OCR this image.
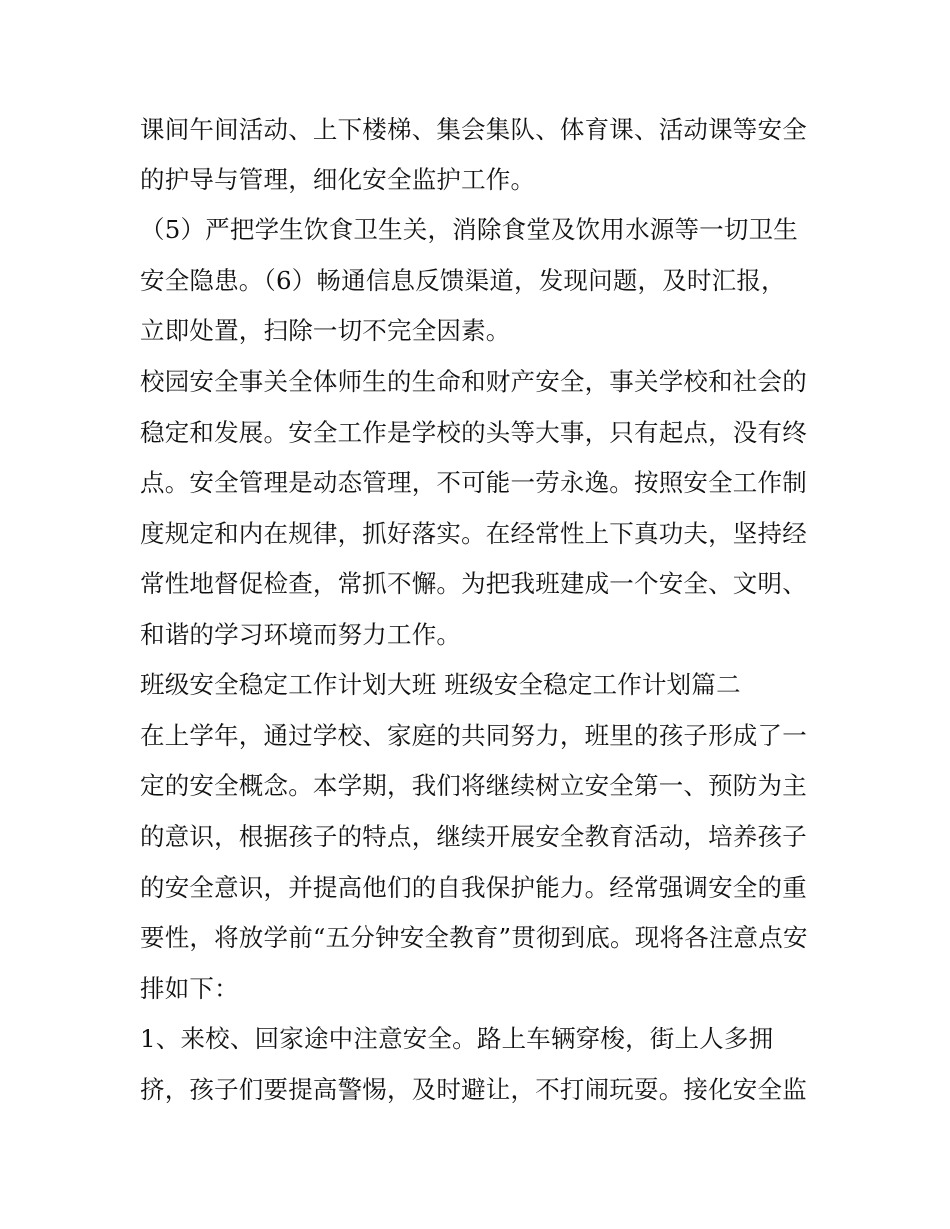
课间午间活动、上下楼梯、集会集队、体育课、活动课等安全
的护导与管理，细化安全监护工作。
（5）严把学生饮食卫生关，消除食堂及饮用水源等一切卫生
安全隐患。（6）畅通信息反馈渠道，发现问题，及时汇报，
立即处置，扫除一切不完全因素。
校园安全事关全体师生的生命和财产安全，事关学校和社会的
稳定和发展。安全工作是学校的头等大事，只有起点，没有终
点。安全管理是动态管理，不可能一劳永逸。按照安全工作制
度规定和内在规律，抓好落实。在经常性上下真功夫，坚持经
常性地督促检查，常抓不懈。为把我班建成一个安全、文明、
和谐的学习环境而努力工作。
班级安全稳定工作计划大班 班级安全稳定工作计划篇二
在上学年，通过学校、家庭的共同努力，班里的孩子形成了一
定的安全概念。本学期，我们将继续树立安全第一、预防为主
的意识，根据孩子的特点，继续开展安全教育活动，培养孩子
的安全意识，并提高他们的自我保护能力。经常强调安全的重
要性，将放学前“五分钟安全教育”贯彻到底。现将各注意点安
排如下：
1、来校、回家途中注意安全。路上车辆穿梭，街上人多拥
挤，孩子们要提高警惕，及时避让，不打闹玩耍。接化安全监
